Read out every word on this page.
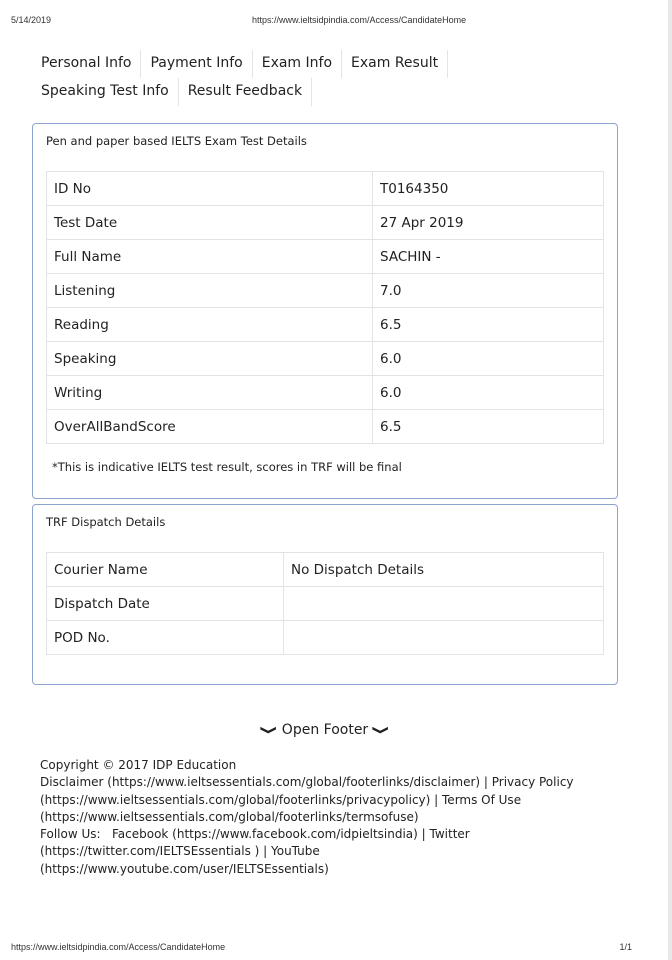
5/14/2019	https://www.ieltsidpindia.com/Access/CandidateHome
Personal Info	Payment Info	Exam Info	Exam Result
Speaking Test Info	Result Feedback
Pen and paper based IELTS Exam Test Details
ID No	T0164350
Test Date	27 Apr 2019
Full Name	SACHIN -
Listening	7.0
Reading	6.5
Speaking	6.0
Writing	6.0
OverAllBandScore	6.5
*This is indicative IELTS test result, scores in TRF will be final
TRF Dispatch Details
Courier Name	No Dispatch Details
Dispatch Date	
POD No.	
❯ Open Footer ❯
Copyright © 2017 IDP Education
Disclaimer (https://www.ieltsessentials.com/global/footerlinks/disclaimer) | Privacy Policy (https://www.ieltsessentials.com/global/footerlinks/privacypolicy) | Terms Of Use (https://www.ieltsessentials.com/global/footerlinks/termsofuse)
Follow Us:   Facebook (https://www.facebook.com/idpieltsindia) | Twitter (https://twitter.com/IELTSEssentials ) | YouTube (https://www.youtube.com/user/IELTSEssentials)
https://www.ieltsidpindia.com/Access/CandidateHome	1/1
